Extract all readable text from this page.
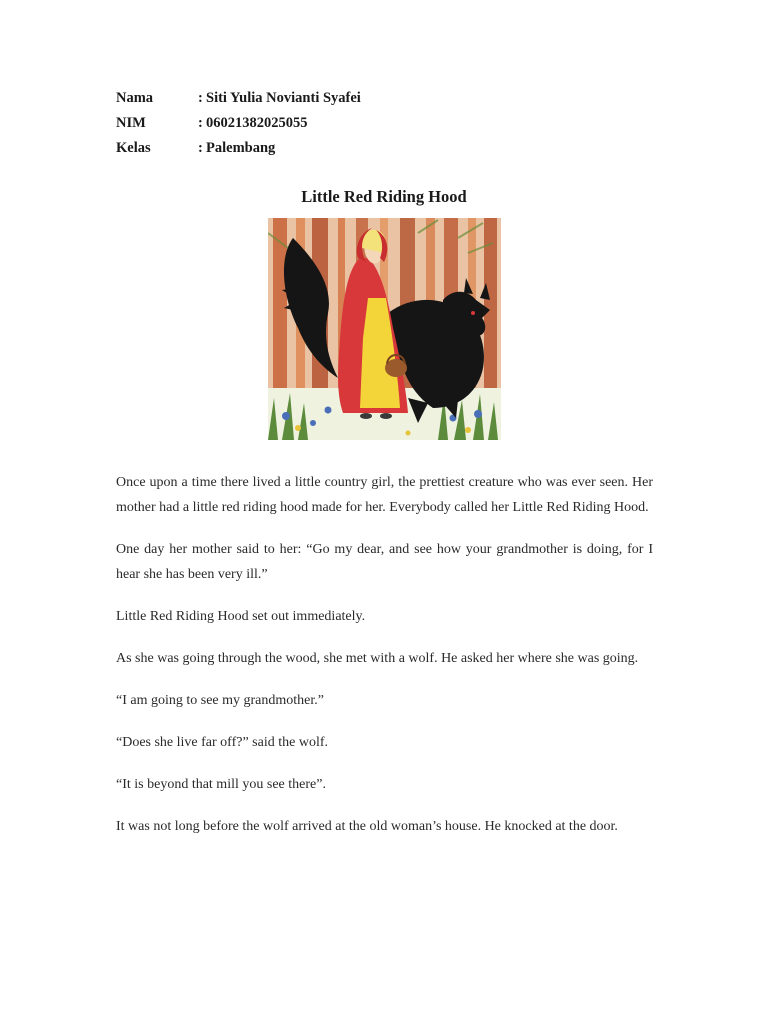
Nama	: Siti Yulia Novianti Syafei
NIM	: 06021382025055
Kelas	: Palembang
Little Red Riding Hood

Once upon a time there lived a little country girl, the prettiest creature who was ever seen. Her mother had a little red riding hood made for her. Everybody called her Little Red Riding Hood.

One day her mother said to her: “Go my dear, and see how your grandmother is doing, for I hear she has been very ill.”

Little Red Riding Hood set out immediately.

As she was going through the wood, she met with a wolf. He asked her where she was going.

“I am going to see my grandmother.”

“Does she live far off?” said the wolf.

“It is beyond that mill you see there”.

It was not long before the wolf arrived at the old woman’s house. He knocked at the door.
